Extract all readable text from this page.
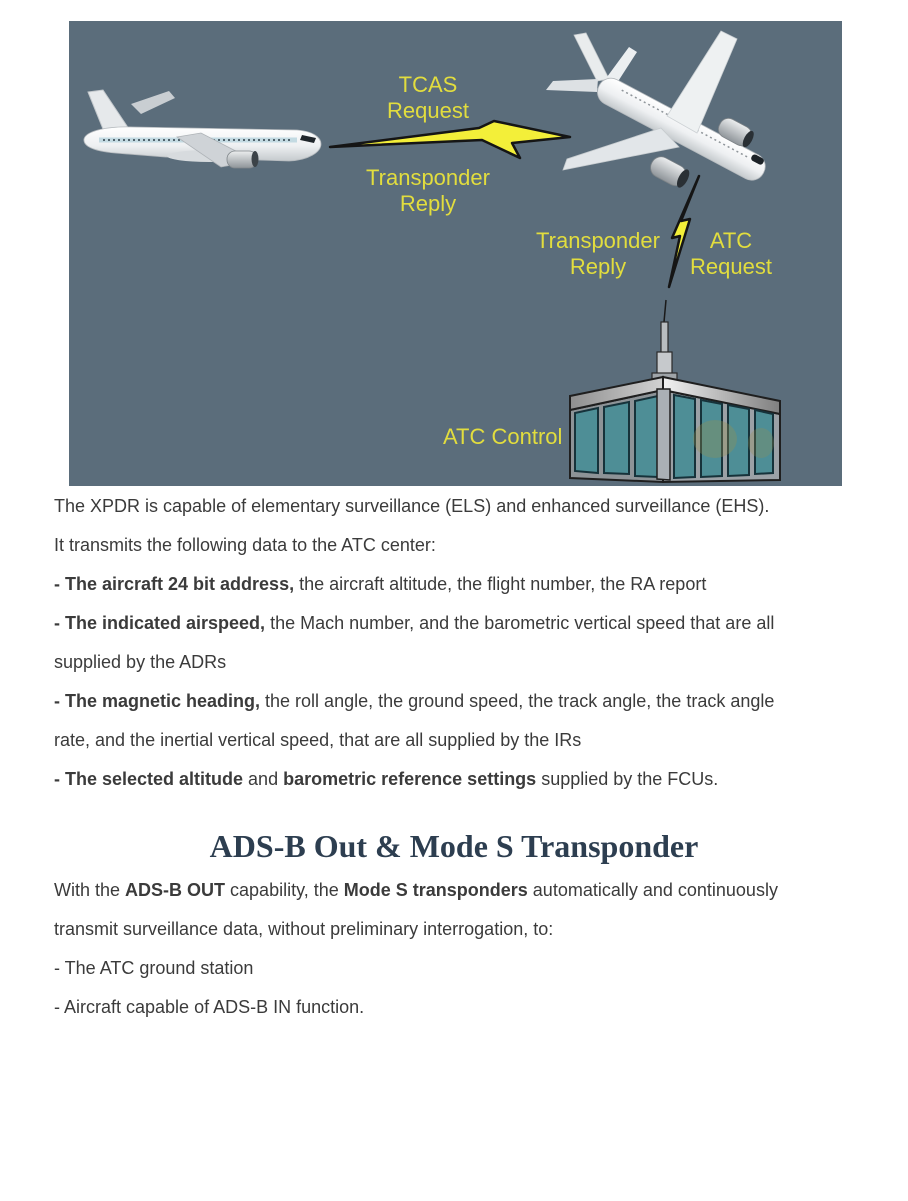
TCAS
Request
Transponder
Reply
Transponder
Reply
ATC
Request
ATC Control
The XPDR is capable of elementary surveillance (ELS) and enhanced surveillance (EHS).
It transmits the following data to the ATC center:
- The aircraft 24 bit address, the aircraft altitude, the flight number, the RA report
- The indicated airspeed, the Mach number, and the barometric vertical speed that are all
supplied by the ADRs
- The magnetic heading, the roll angle, the ground speed, the track angle, the track angle
rate, and the inertial vertical speed, that are all supplied by the IRs
- The selected altitude and barometric reference settings supplied by the FCUs.
ADS-B Out & Mode S Transponder
With the ADS-B OUT capability, the Mode S transponders automatically and continuously
transmit surveillance data, without preliminary interrogation, to:
- The ATC ground station
- Aircraft capable of ADS-B IN function.
